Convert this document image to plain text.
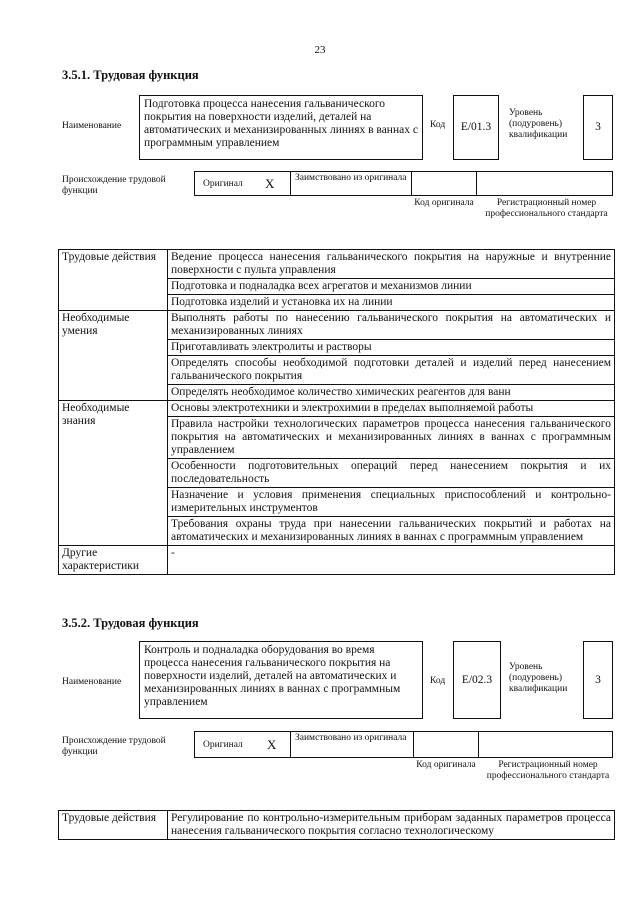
23
3.5.1. Трудовая функция
Наименование
Подготовка процесса нанесения гальванического покрытия на поверхности изделий, деталей на автоматических и механизированных линиях в ваннах с программным управлением
Код	E/01.3
Уровень (подуровень) квалификации
3
Происхождение трудовой функции
Оригинал X	Заимствовано из оригинала
Код оригинала	Регистрационный номер профессионального стандарта
Трудовые действия	Ведение процесса нанесения гальванического покрытия на наружные и внутренние поверхности с пульта управления
	Подготовка и подналадка всех агрегатов и механизмов линии
	Подготовка изделий и установка их на линии
Необходимые умения	Выполнять работы по нанесению гальванического покрытия на автоматических и механизированных линиях
	Приготавливать электролиты и растворы
	Определять способы необходимой подготовки деталей и изделий перед нанесением гальванического покрытия
	Определять необходимое количество химических реагентов для ванн
Необходимые знания	Основы электротехники и электрохимии в пределах выполняемой работы
	Правила настройки технологических параметров процесса нанесения гальванического покрытия на автоматических и механизированных линиях в ваннах с программным управлением
	Особенности подготовительных операций перед нанесением покрытия и их последовательность
	Назначение и условия применения специальных приспособлений и контрольно-измерительных инструментов
	Требования охраны труда при нанесении гальванических покрытий и работах на автоматических и механизированных линиях в ваннах с программным управлением
Другие характеристики	-
3.5.2. Трудовая функция
Наименование
Контроль и подналадка оборудования во время процесса нанесения гальванического покрытия на поверхности изделий, деталей на автоматических и механизированных линиях в ваннах с программным управлением
Код	E/02.3
Уровень (подуровень) квалификации
3
Происхождение трудовой функции
Оригинал X	Заимствовано из оригинала
Код оригинала	Регистрационный номер профессионального стандарта
Трудовые действия	Регулирование по контрольно-измерительным приборам заданных параметров процесса нанесения гальванического покрытия согласно технологическому
